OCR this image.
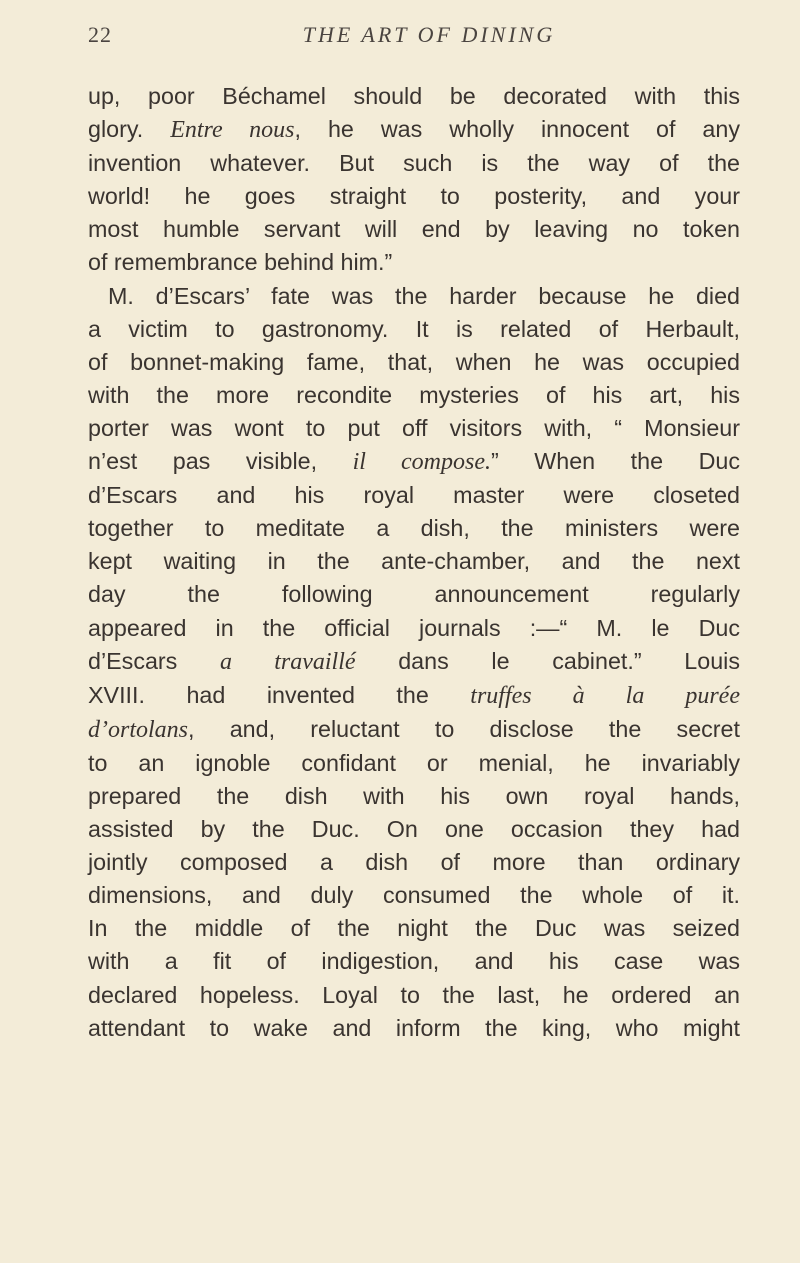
22	THE ART OF DINING
up, poor Béchamel should be decorated with this
glory. Entre nous, he was wholly innocent of any
invention whatever. But such is the way of the
world! he goes straight to posterity, and your
most humble servant will end by leaving no token
of remembrance behind him.”
M. d’Escars’ fate was the harder because he died
a victim to gastronomy. It is related of Herbault,
of bonnet-making fame, that, when he was occupied
with the more recondite mysteries of his art, his
porter was wont to put off visitors with, “ Monsieur
n’est pas visible, il compose.” When the Duc
d’Escars and his royal master were closeted
together to meditate a dish, the ministers were
kept waiting in the ante-chamber, and the next
day the following announcement regularly
appeared in the official journals :—“ M. le Duc
d’Escars a travaillé dans le cabinet.” Louis
XVIII. had invented the truffes à la purée
d’ortolans, and, reluctant to disclose the secret
to an ignoble confidant or menial, he invariably
prepared the dish with his own royal hands,
assisted by the Duc. On one occasion they had
jointly composed a dish of more than ordinary
dimensions, and duly consumed the whole of it.
In the middle of the night the Duc was seized
with a fit of indigestion, and his case was
declared hopeless. Loyal to the last, he ordered an
attendant to wake and inform the king, who might
